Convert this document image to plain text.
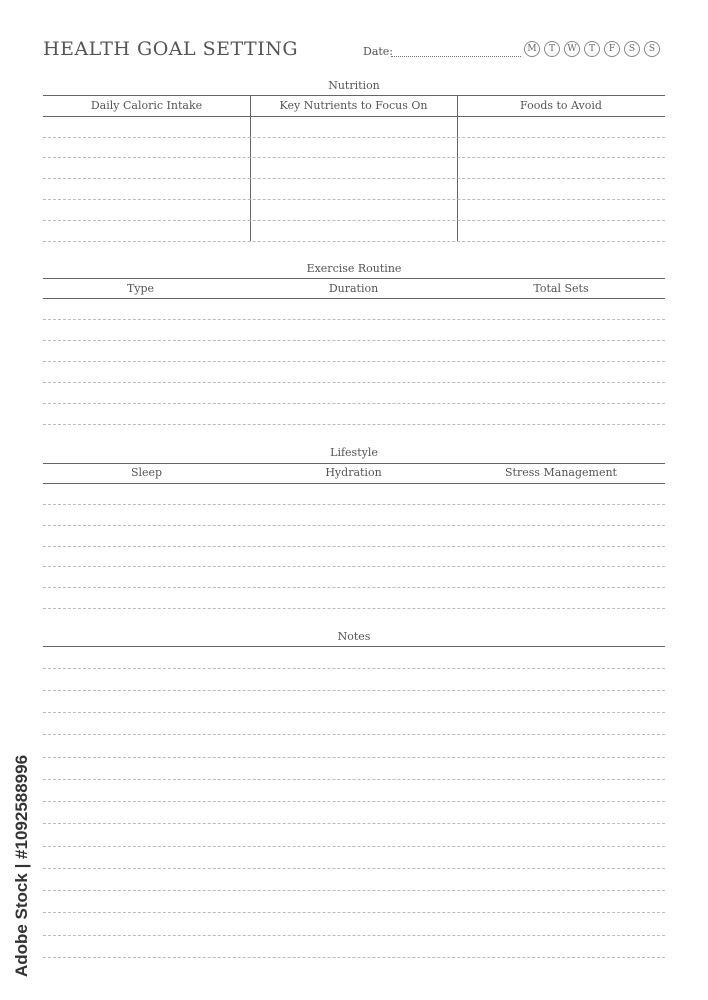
HEALTH GOAL SETTING	Date:	M	T	W	T	F	S	S
Nutrition
Daily Caloric Intake	Key Nutrients to Focus On	Foods to Avoid
Exercise Routine
Type	Duration	Total Sets
Lifestyle
Sleep	Hydration	Stress Management
Notes
Adobe Stock | #1092588996
